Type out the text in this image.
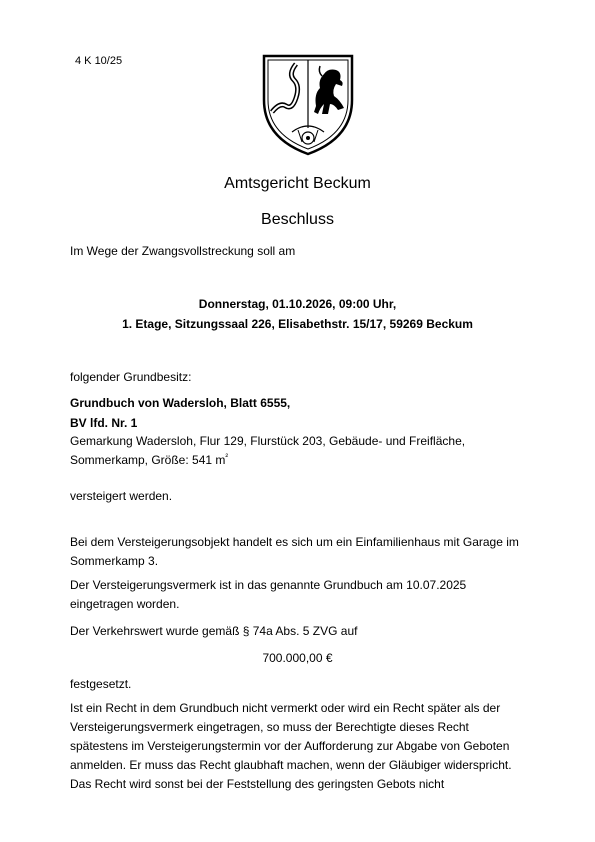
4 K 10/25
Amtsgericht Beckum
Beschluss
Im Wege der Zwangsvollstreckung soll am
Donnerstag, 01.10.2026, 09:00 Uhr,
1. Etage, Sitzungssaal 226, Elisabethstr. 15/17, 59269 Beckum
folgender Grundbesitz:
Grundbuch von Wadersloh, Blatt 6555,
BV lfd. Nr. 1
Gemarkung Wadersloh, Flur 129, Flurstück 203, Gebäude- und Freifläche,
Sommerkamp, Größe: 541 $m^{^2}$
versteigert werden.
Bei dem Versteigerungsobjekt handelt es sich um ein Einfamilienhaus mit Garage im
Sommerkamp 3.
Der Versteigerungsvermerk ist in das genannte Grundbuch am 10.07.2025
eingetragen worden.
Der Verkehrswert wurde gemäß § 74a Abs. 5 ZVG auf
700.000,00 €
festgesetzt.
Ist ein Recht in dem Grundbuch nicht vermerkt oder wird ein Recht später als der
Versteigerungsvermerk eingetragen, so muss der Berechtigte dieses Recht
spätestens im Versteigerungstermin vor der Aufforderung zur Abgabe von Geboten
anmelden. Er muss das Recht glaubhaft machen, wenn der Gläubiger widerspricht.
Das Recht wird sonst bei der Feststellung des geringsten Gebots nicht
